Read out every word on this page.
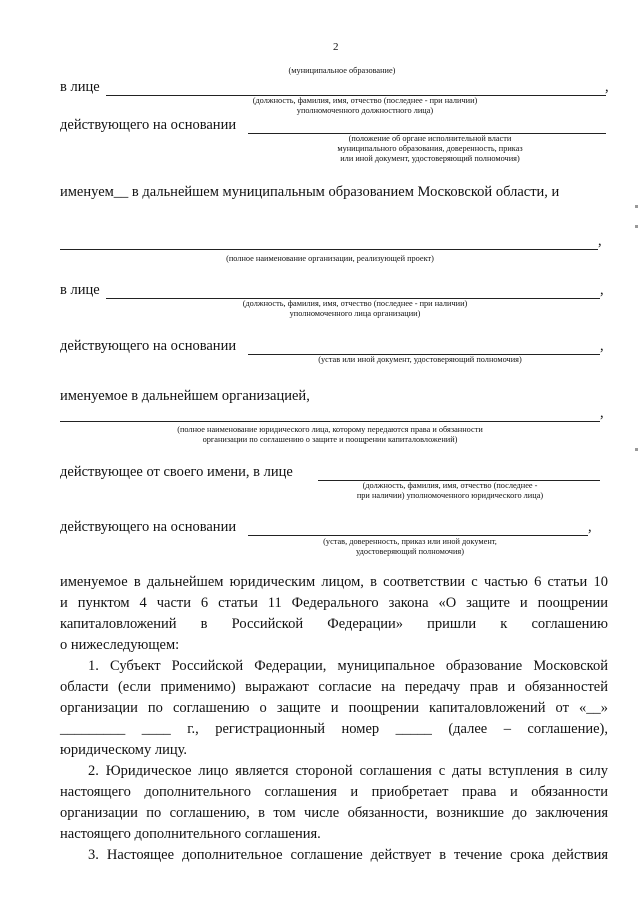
2
(муниципальное образование)
в лице	,
(должность, фамилия, имя, отчество (последнее - при наличии)
уполномоченного должностного лица)
действующего на основании
(положение об органе исполнительной власти
муниципального образования, доверенность, приказ
или иной документ, удостоверяющий полномочия)
именуем__ в дальнейшем муниципальным образованием Московской области, и
,
(полное наименование организации, реализующей проект)
в лице	,
(должность, фамилия, имя, отчество (последнее - при наличии)
уполномоченного лица организации)
действующего на основании	,
(устав или иной документ, удостоверяющий полномочия)
именуемое в дальнейшем организацией,
,
(полное наименование юридического лица, которому передаются права и обязанности
организации по соглашению о защите и поощрении капиталовложений)
действующее от своего имени, в лице
(должность, фамилия, имя, отчество (последнее -
при наличии) уполномоченного юридического лица)
действующего на основании	,
(устав, доверенность, приказ или иной документ,
удостоверяющий полномочия)
именуемое в дальнейшем юридическим лицом, в соответствии с частью 6 статьи 10
и пунктом 4 части 6 статьи 11 Федерального закона «О защите и поощрении
капиталовложений в Российской Федерации» пришли к соглашению
о нижеследующем:
1. Субъект Российской Федерации, муниципальное образование Московской
области (если применимо) выражают согласие на передачу прав и обязанностей
организации по соглашению о защите и поощрении капиталовложений от «__»
_________ ____ г., регистрационный номер _____ (далее – соглашение),
юридическому лицу.
2. Юридическое лицо является стороной соглашения с даты вступления в силу
настоящего дополнительного соглашения и приобретает права и обязанности
организации по соглашению, в том числе обязанности, возникшие до заключения
настоящего дополнительного соглашения.
3. Настоящее дополнительное соглашение действует в течение срока действия
